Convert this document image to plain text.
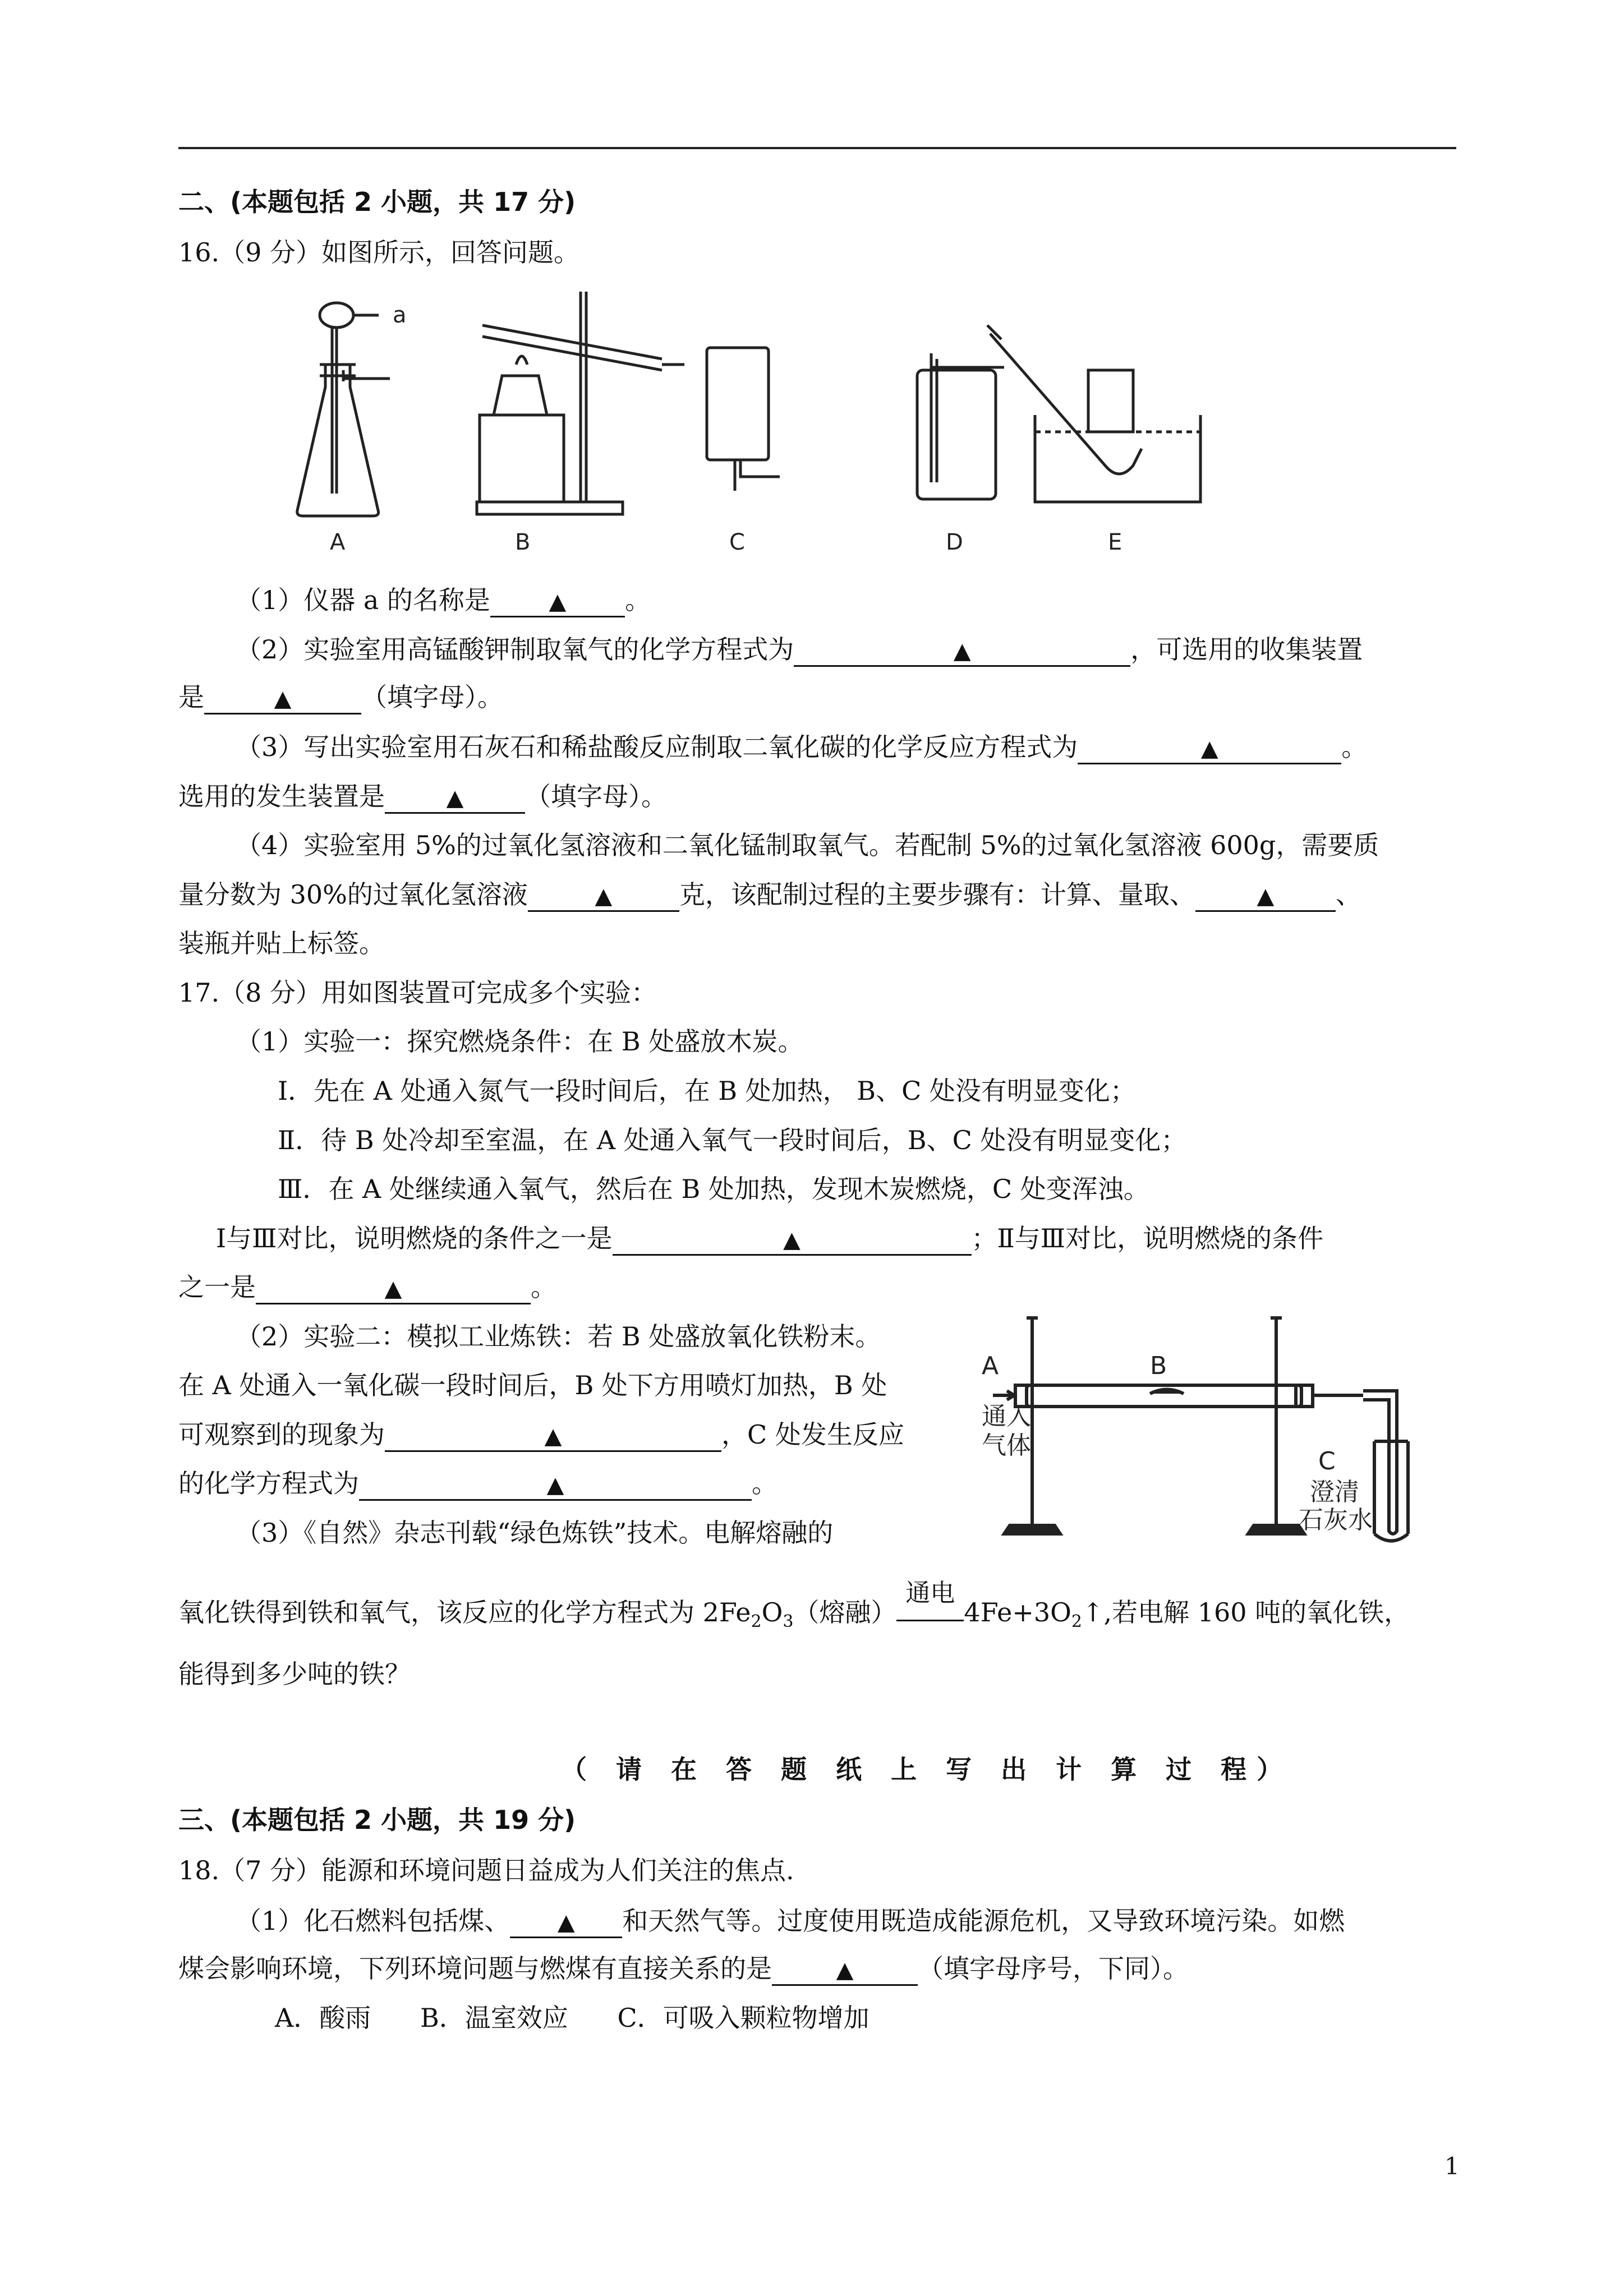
二、(本题包括 2 小题，共 17 分)
16.（9 分）如图所示，回答问题。
a
A	B	C	D	E
（1）仪器 a 的名称是	▲ 。
（2）实验室用高锰酸钾制取氧气的化学方程式为	▲	，可选用的收集装置
是	▲	（填字母）。
（3）写出实验室用石灰石和稀盐酸反应制取二氧化碳的化学反应方程式为	▲	。
选用的发生装置是	▲ （填字母）。
（4）实验室用 5%的过氧化氢溶液和二氧化锰制取氧气。若配制 5%的过氧化氢溶液 600g，需要质
量分数为 30%的过氧化氢溶液	▲	克，该配制过程的主要步骤有：计算、量取、	▲ 、
装瓶并贴上标签。
17.（8 分）用如图装置可完成多个实验：
（1）实验一：探究燃烧条件：在 B 处盛放木炭。
Ⅰ．先在 A 处通入氮气一段时间后，在 B 处加热， B、C 处没有明显变化；
Ⅱ．待 B 处冷却至室温，在 A 处通入氧气一段时间后，B、C 处没有明显变化；
Ⅲ．在 A 处继续通入氧气，然后在 B 处加热，发现木炭燃烧，C 处变浑浊。
Ⅰ与Ⅲ对比，说明燃烧的条件之一是	▲	；Ⅱ与Ⅲ对比，说明燃烧的条件
之一是	▲	。
（2）实验二：模拟工业炼铁：若 B 处盛放氧化铁粉末。
在 A 处通入一氧化碳一段时间后，B 处下方用喷灯加热，B 处
可观察到的现象为	▲	，C 处发生反应
的化学方程式为	▲	。
（3）《自然》杂志刊载“绿色炼铁”技术。电解熔融的
A	B
C
通入
气体
澄清
石灰水
氧化铁得到铁和氧气，该反应的化学方程式为 $2Fe_2O_3$（熔融）
通电
$4Fe+3O_2↑$,若电解 160 吨的氧化铁，
能得到多少吨的铁？
（ 请 在 答 题 纸 上 写 出 计 算 过 程）
三、(本题包括 2 小题，共 19 分)
18.（7 分）能源和环境问题日益成为人们关注的焦点.
（1）化石燃料包括煤、 ▲ 和天然气等。过度使用既造成能源危机，又导致环境污染。如燃
煤会影响环境，下列环境问题与燃煤有直接关系的是	▲ （填字母序号，下同）。
A．酸雨      B．温室效应      C．可吸入颗粒物增加
1
